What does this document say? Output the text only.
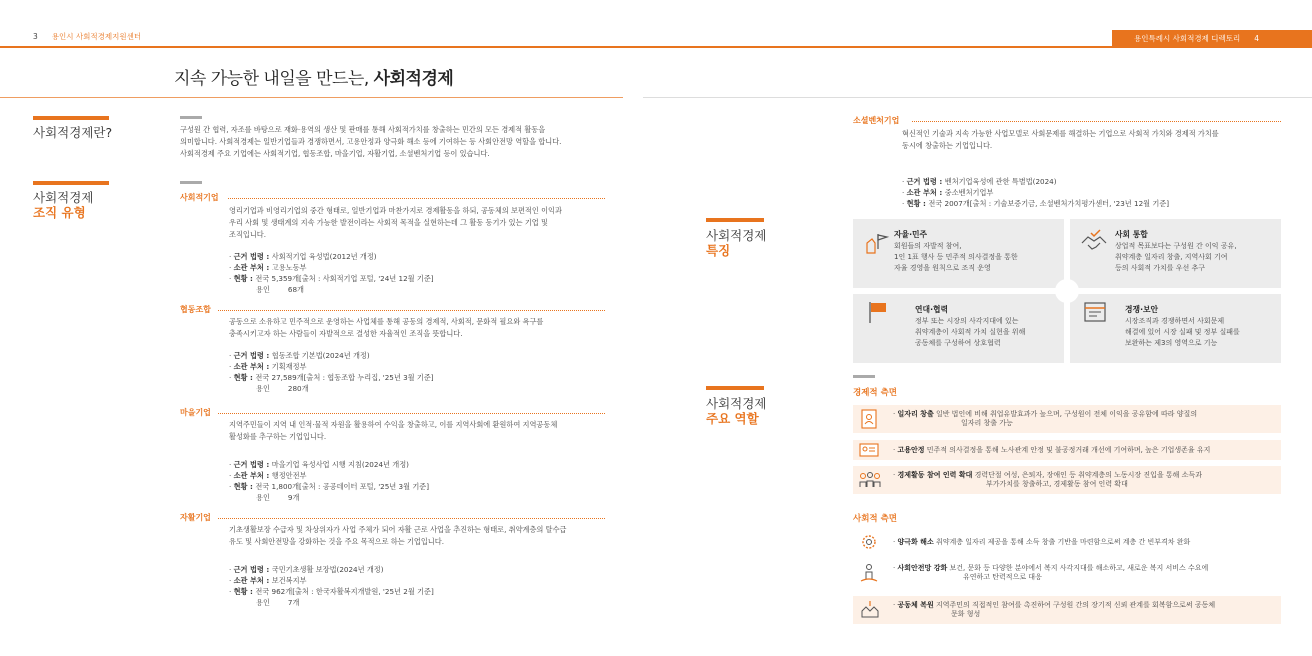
3 용인시 사회적경제지원센터	용인특례시 사회적경제 디렉토리 4
지속 가능한 내일을 만드는, 사회적경제
사회적경제란?	구성원 간 협력, 자조를 바탕으로 재화·용역의 생산 및 판매를 통해 사회적가치를 창출하는 민간의 모든 경제적 활동을
의미합니다. 사회적경제는 일반기업들과 경쟁하면서, 고용안정과 양극화 해소 등에 기여하는 등 사회안전망 역할을 합니다.
사회적경제 주요 기업에는 사회적기업, 협동조합, 마을기업, 자활기업, 소셜벤처기업 등이 있습니다.
사회적경제
조직 유형
사회적기업
영리기업과 비영리기업의 중간 형태로, 일반기업과 마찬가지로 경제활동을 하되, 공동체의 보편적인 이익과
우리 사회 및 생태계의 지속 가능한 발전이라는 사회적 목적을 실현하는데 그 활동 동기가 있는 기업 및
조직입니다.
· 근거 법령 : 사회적기업 육성법(2012년 개정)
· 소관 부처 : 고용노동부
· 현황 : 전국 5,359개[출처 : 사회적기업 포털, '24년 12월 기준]
용인	68개
협동조합
공동으로 소유하고 민주적으로 운영하는 사업체를 통해 공동의 경제적, 사회적, 문화적 필요와 욕구를
충족시키고자 하는 사람들이 자발적으로 결성한 자율적인 조직을 뜻합니다.
· 근거 법령 : 협동조합 기본법(2024년 개정)
· 소관 부처 : 기획재정부
· 현황 : 전국 27,589개[출처 : 협동조합 누리집, '25년 3월 기준]
용인	280개
마을기업
지역주민들이 지역 내 인적·물적 자원을 활용하여 수익을 창출하고, 이를 지역사회에 환원하여 지역공동체
활성화를 추구하는 기업입니다.
· 근거 법령 : 마을기업 육성사업 시행 지침(2024년 개정)
· 소관 부처 : 행정안전부
· 현황 : 전국 1,800개[출처 : 공공데이터 포털, '25년 3월 기준]
용인	9개
자활기업
기초생활보장 수급자 및 차상위자가 사업 주체가 되어 자활 근로 사업을 추진하는 형태로, 취약계층의 탈수급
유도 및 사회안전망을 강화하는 것을 주요 목적으로 하는 기업입니다.
· 근거 법령 : 국민기초생활 보장법(2024년 개정)
· 소관 부처 : 보건복지부
· 현황 : 전국 962개[출처 : 한국자활복지개발원, '25년 2월 기준]
용인	7개
소셜벤처기업
혁신적인 기술과 지속 가능한 사업모델로 사회문제를 해결하는 기업으로 사회적 가치와 경제적 가치를
동시에 창출하는 기업입니다.
· 근거 법령 : 벤처기업육성에 관한 특별법(2024)
· 소관 부처 : 중소벤처기업부
· 현황 : 전국 2007개[출처 : 기술보증기금, 소셜벤처가치평가센터, '23년 12월 기준]
사회적경제
특징
자율·민주
회원들의 자발적 참여,
1인 1표 행사 등 민주적 의사결정을 통한
자율 경영을 원칙으로 조직 운영
사회 통합
상업적 목표보다는 구성원 간 이익 공유,
취약계층 일자리 창출, 지역사회 기여
등의 사회적 가치를 우선 추구
연대·협력
정부 또는 시장의 사각지대에 있는
취약계층이 사회적 가치 실현을 위해
공동체를 구성하여 상호협력
경쟁·보안
시장조직과 경쟁하면서 사회문제
해결에 있어 시장 실패 및 정부 실패를
보완하는 제3의 영역으로 기능
사회적경제
주요 역할
경제적 측면
· 일자리 창출 일반 법인에 비해 취업유발효과가 높으며, 구성원이 전체 이익을 공유함에 따라 양질의
일자리 창출 가능
· 고용안정 민주적 의사결정을 통해 노사관계 안정 및 불공정거래 개선에 기여하며, 높은 기업생존율 유지
· 경제활동 참여 인력 확대 경력단절 여성, 은퇴자, 장애인 등 취약계층의 노동시장 진입을 통해 소득과
부가가치를 창출하고, 경제활동 참여 인력 확대
사회적 측면
· 양극화 해소 취약계층 일자리 제공을 통해 소득 창출 기반을 마련함으로써 계층 간 빈부격차 완화
· 사회안전망 강화 보건, 문화 등 다양한 분야에서 복지 사각지대를 해소하고, 새로운 복지 서비스 수요에
유연하고 탄력적으로 대응
· 공동체 복원 지역주민의 직접적인 참여를 촉진하여 구성원 간의 장기적 신뢰 관계를 회복함으로써 공동체
문화 형성
